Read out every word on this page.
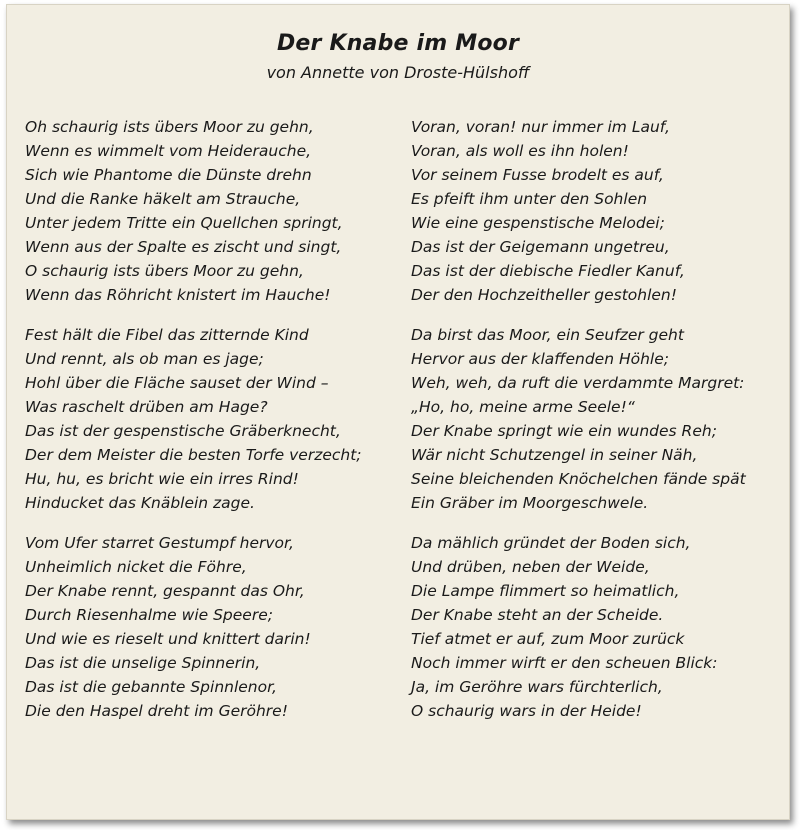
Der Knabe im Moor
von Annette von Droste-Hülshoff
Oh schaurig ists übers Moor zu gehn,
Wenn es wimmelt vom Heiderauche,
Sich wie Phantome die Dünste drehn
Und die Ranke häkelt am Strauche,
Unter jedem Tritte ein Quellchen springt,
Wenn aus der Spalte es zischt und singt,
O schaurig ists übers Moor zu gehn,
Wenn das Röhricht knistert im Hauche!
Fest hält die Fibel das zitternde Kind
Und rennt, als ob man es jage;
Hohl über die Fläche sauset der Wind –
Was raschelt drüben am Hage?
Das ist der gespenstische Gräberknecht,
Der dem Meister die besten Torfe verzecht;
Hu, hu, es bricht wie ein irres Rind!
Hinducket das Knäblein zage.
Vom Ufer starret Gestumpf hervor,
Unheimlich nicket die Föhre,
Der Knabe rennt, gespannt das Ohr,
Durch Riesenhalme wie Speere;
Und wie es rieselt und knittert darin!
Das ist die unselige Spinnerin,
Das ist die gebannte Spinnlenor,
Die den Haspel dreht im Geröhre!
Voran, voran! nur immer im Lauf,
Voran, als woll es ihn holen!
Vor seinem Fusse brodelt es auf,
Es pfeift ihm unter den Sohlen
Wie eine gespenstische Melodei;
Das ist der Geigemann ungetreu,
Das ist der diebische Fiedler Kanuf,
Der den Hochzeitheller gestohlen!
Da birst das Moor, ein Seufzer geht
Hervor aus der klaffenden Höhle;
Weh, weh, da ruft die verdammte Margret:
„Ho, ho, meine arme Seele!“
Der Knabe springt wie ein wundes Reh;
Wär nicht Schutzengel in seiner Näh,
Seine bleichenden Knöchelchen fände spät
Ein Gräber im Moorgeschwele.
Da mählich gründet der Boden sich,
Und drüben, neben der Weide,
Die Lampe flimmert so heimatlich,
Der Knabe steht an der Scheide.
Tief atmet er auf, zum Moor zurück
Noch immer wirft er den scheuen Blick:
Ja, im Geröhre wars fürchterlich,
O schaurig wars in der Heide!
